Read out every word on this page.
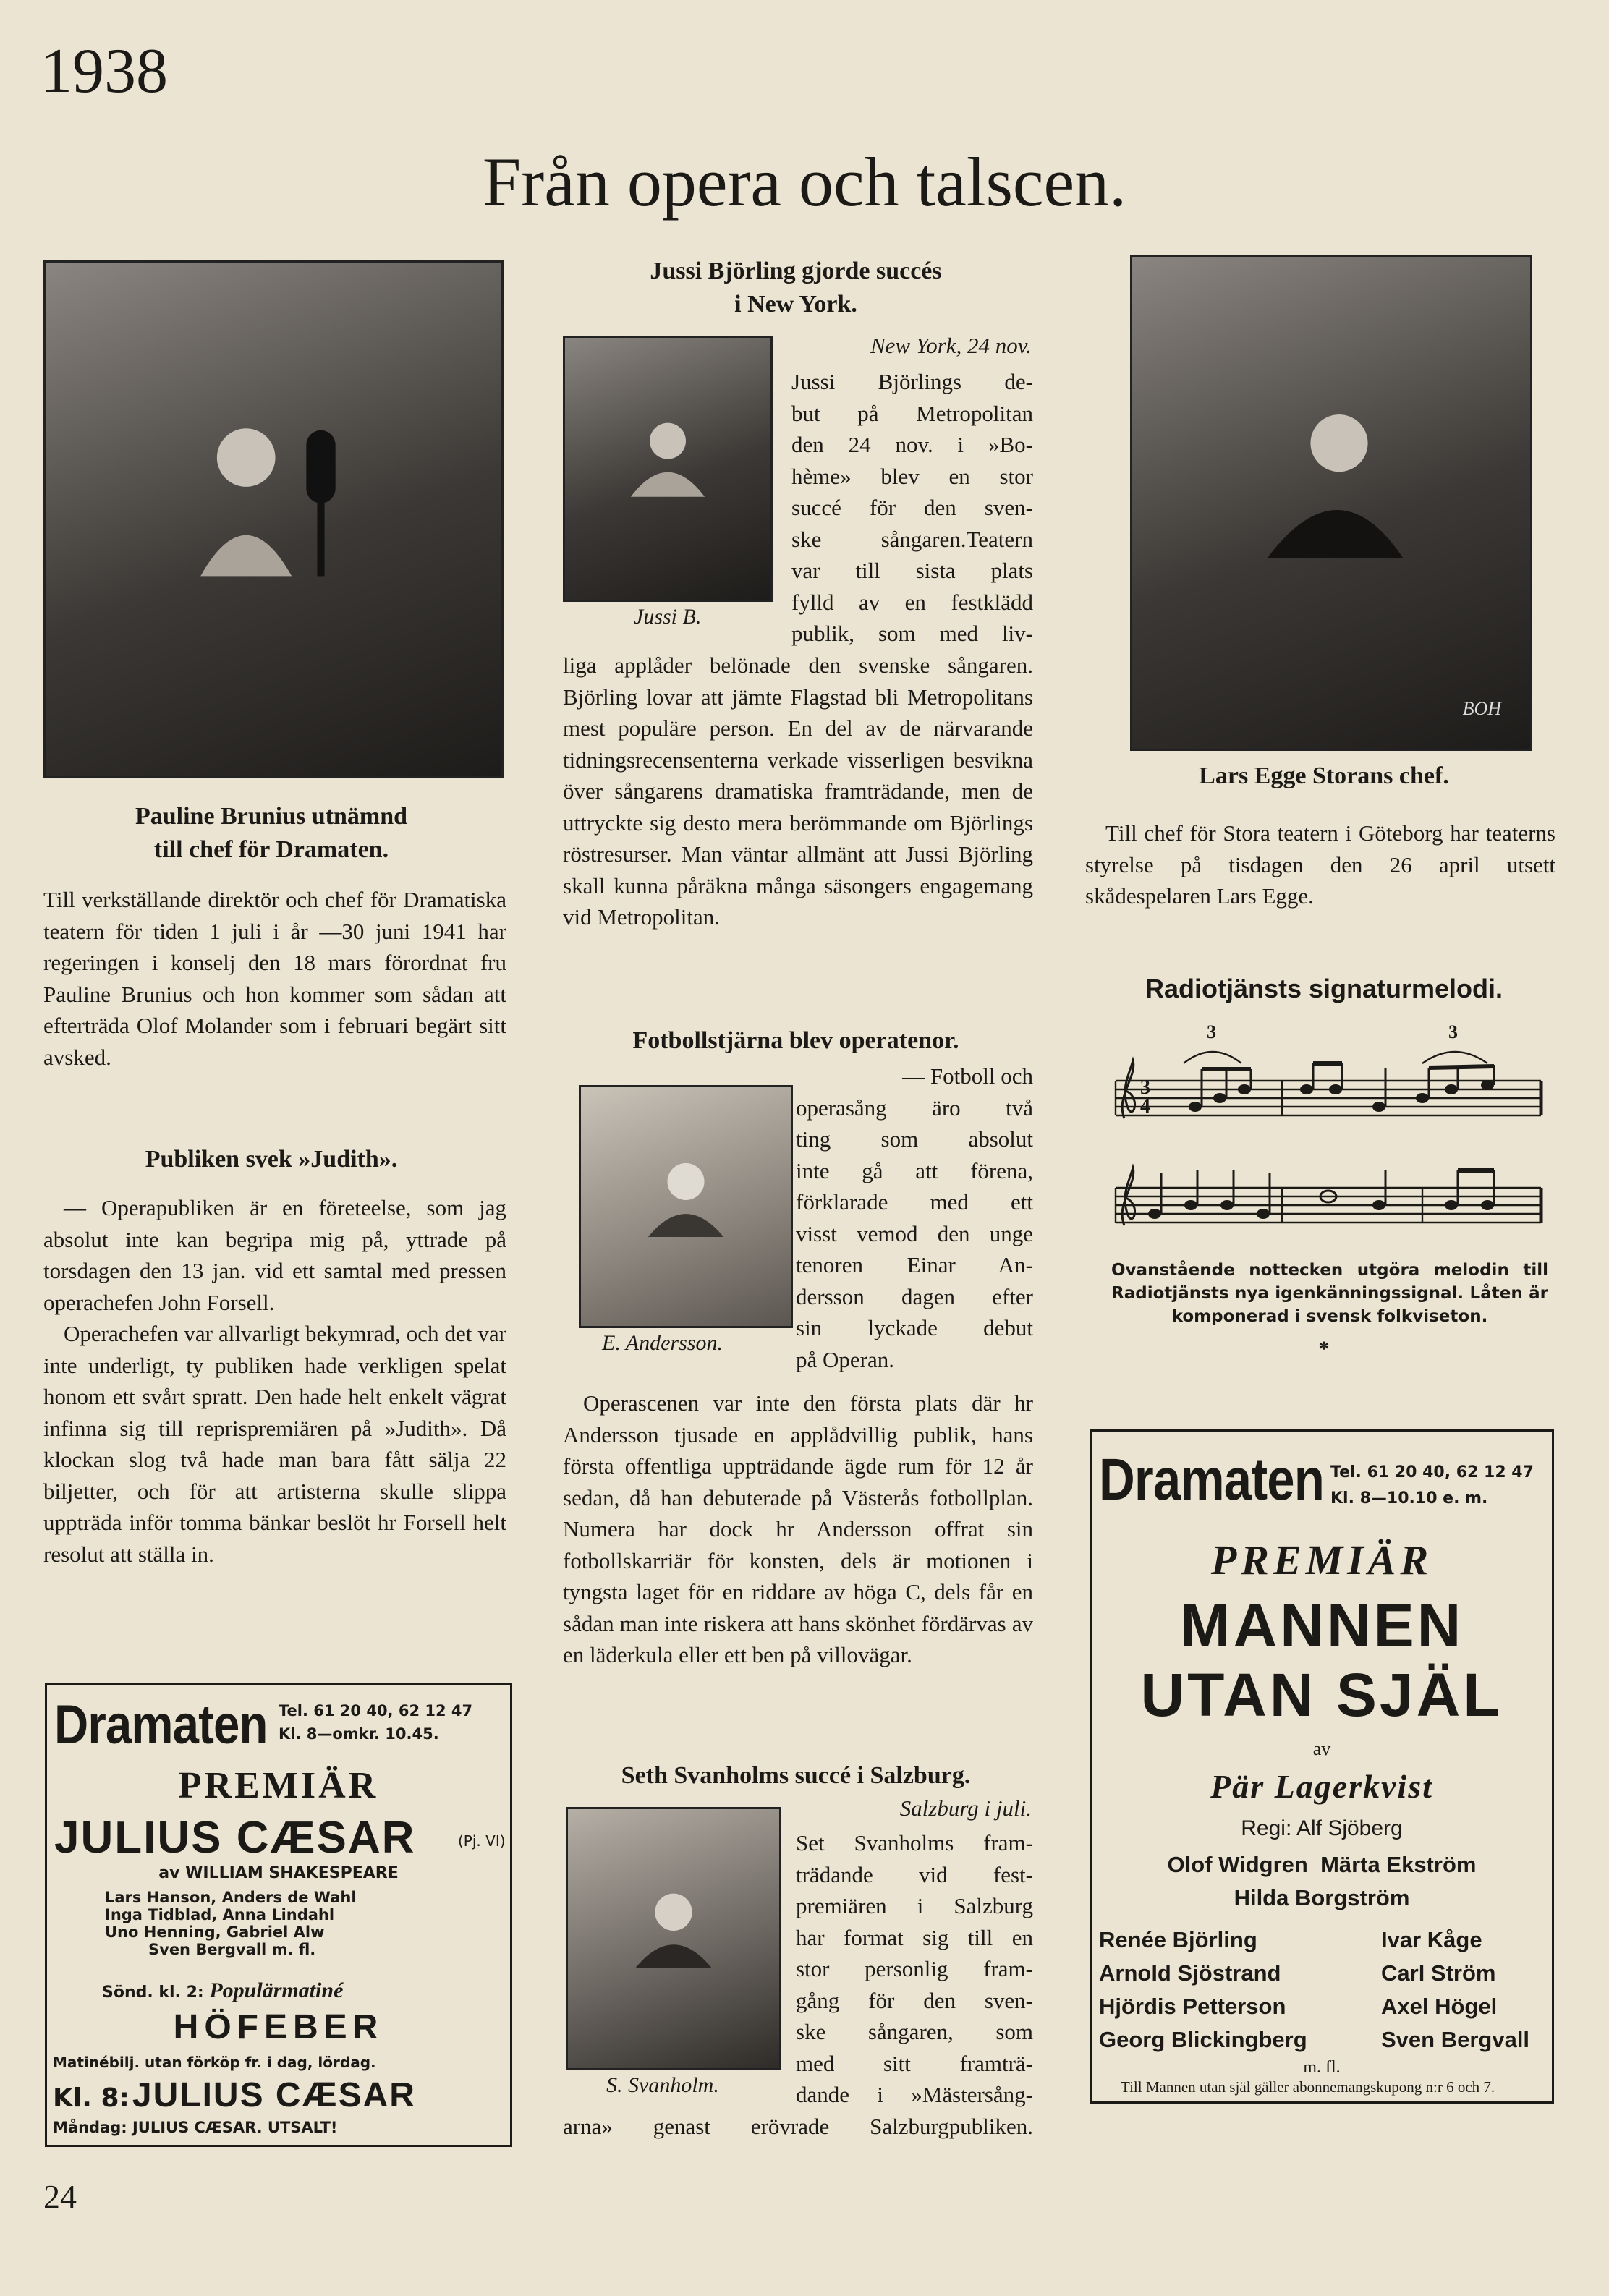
1938
Från opera och talscen.
Pauline Brunius utnämnd
till chef för Dramaten.
Till verkställande direktör och chef för Dramatiska teatern för tiden 1 juli i år —30 juni 1941 har regeringen i konselj den 18 mars förordnat fru Pauline Brunius och hon kommer som sådan att efterträda Olof Molander som i februari begärt sitt avsked.
Publiken svek »Judith».

— Operapubliken är en företeelse, som jag absolut inte kan begripa mig på, yttrade på torsdagen den 13 jan. vid ett samtal med pressen operachefen John Forsell.

Operachefen var allvarligt bekymrad, och det var inte underligt, ty publiken hade verkligen spelat honom ett svårt spratt. Den hade helt enkelt vägrat infinna sig till reprispremiären på »Judith». Då klockan slog två hade man bara fått sälja 22 biljetter, och för att artisterna skulle slippa uppträda inför tomma bänkar beslöt hr Forsell helt resolut att ställa in.

Dramaten Tel. 61 20 40, 62 12 47
Kl. 8—omkr. 10.45.
PREMIÄR
JULIUS CÆSAR	(Pj. VI)
av WILLIAM SHAKESPEARE
Lars Hanson, Anders de Wahl
Inga Tidblad, Anna Lindahl
Uno Henning, Gabriel Alw
Sven Bergvall m. fl.
Sönd. kl. 2: Populärmatiné
HÖFEBER
Matinébilj. utan förköp fr. i dag, lördag.
Kl. 8: JULIUS CÆSAR
Måndag: JULIUS CÆSAR. UTSALT!
Jussi Björling gjorde succés
i New York.
Jussi B.
New York, 24 nov.
Jussi Björlings de-
but på Metropolitan
den 24 nov. i »Bo-
hème» blev en stor
succé för den sven-
ske sångaren.Teatern
var till sista plats
fylld av en festklädd
publik, som med liv-
liga applåder belönade den svenske sångaren. Björling lovar att jämte Flagstad bli Metropolitans mest populäre person. En del av de närvarande tidningsrecensenterna verkade visserligen besvikna över sångarens dramatiska framträdande, men de uttryckte sig desto mera berömmande om Björlings röstresurser. Man väntar allmänt att Jussi Björling skall kunna påräkna många säsongers engagemang vid Metropolitan.
Fotbollstjärna blev operatenor.
E. Andersson.
— Fotboll och
operasång äro två
ting som absolut
inte gå att förena,
förklarade med ett
visst vemod den unge
tenoren Einar An-
dersson dagen efter
sin lyckade debut
på Operan.
Operascenen var inte den första plats där hr Andersson tjusade en applådvillig publik, hans första offentliga uppträdande ägde rum för 12 år sedan, då han debuterade på Västerås fotbollplan. Numera har dock hr Andersson offrat sin fotbollskarriär för konsten, dels är motionen i tyngsta laget för en riddare av höga C, dels får en sådan man inte riskera att hans skönhet fördärvas av en läderkula eller ett ben på villovägar.
Seth Svanholms succé i Salzburg.
S. Svanholm.
Salzburg i juli.
Set Svanholms fram-
trädande vid fest-
premiären i Salzburg
har format sig till en
stor personlig fram-
gång för den sven-
ske sångaren, som
med sitt framträ-
dande i »Mästersång-
arna» genast erövrade Salzburgpubliken.
BOH
Lars Egge Storans chef.
Till chef för Stora teatern i Göteborg har teaterns styrelse på tisdagen den 26 april utsett skådespelaren Lars Egge.
Radiotjänsts signaturmelodi.
3
4
3	3
Ovanstående nottecken utgöra melodin till Radiotjänsts nya igenkänningssignal. Låten är komponerad i svensk folkviseton.
*
Dramaten Tel. 61 20 40, 62 12 47
Kl. 8—10.10 e. m.
PREMIÄR
MANNEN
UTAN SJÄL
av
Pär Lagerkvist
Regi: Alf Sjöberg
Olof Widgren Märta Ekström
Hilda Borgström
Renée Björling
Arnold Sjöstrand
Hjördis Petterson
Georg Blickingberg
Ivar Kåge
Carl Ström
Axel Högel
Sven Bergvall
m. fl.
Till Mannen utan själ gäller abonnemangskupong n:r 6 och 7.
24
